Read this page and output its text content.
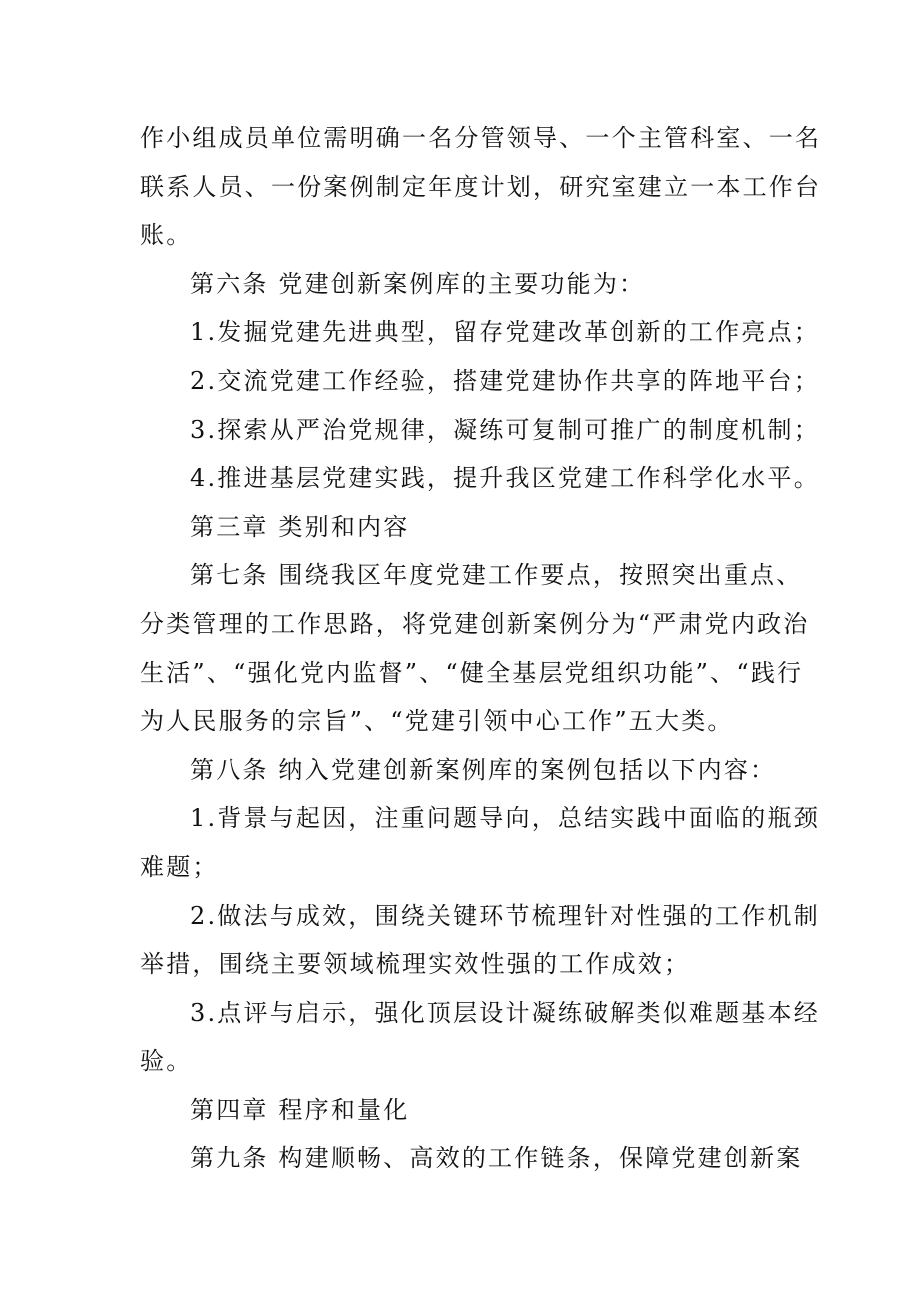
作小组成员单位需明确一名分管领导、一个主管科室、一名
联系人员、一份案例制定年度计划，研究室建立一本工作台
账。
第六条 党建创新案例库的主要功能为：
1.发掘党建先进典型，留存党建改革创新的工作亮点；
2.交流党建工作经验，搭建党建协作共享的阵地平台；
3.探索从严治党规律，凝练可复制可推广的制度机制；
4.推进基层党建实践，提升我区党建工作科学化水平。
第三章 类别和内容
第七条 围绕我区年度党建工作要点，按照突出重点、
分类管理的工作思路，将党建创新案例分为“严肃党内政治
生活”、“强化党内监督”、“健全基层党组织功能”、“践行
为人民服务的宗旨”、“党建引领中心工作”五大类。
第八条 纳入党建创新案例库的案例包括以下内容：
1.背景与起因，注重问题导向，总结实践中面临的瓶颈
难题；
2.做法与成效，围绕关键环节梳理针对性强的工作机制
举措，围绕主要领域梳理实效性强的工作成效；
3.点评与启示，强化顶层设计凝练破解类似难题基本经
验。
第四章 程序和量化
第九条 构建顺畅、高效的工作链条，保障党建创新案
